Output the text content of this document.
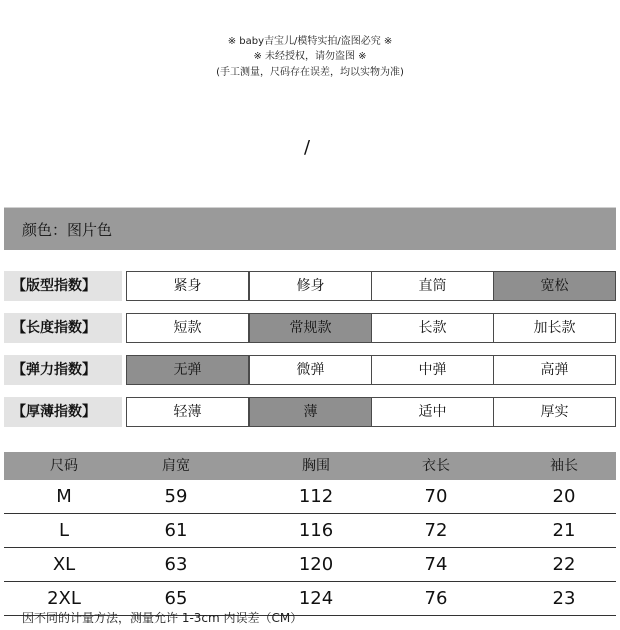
※ baby吉宝儿/模特实拍/盗图必究 ※
※ 未经授权，请勿盗图 ※
(手工测量，尺码存在误差，均以实物为准)
/
颜色：图片色
【版型指数】	紧身	修身	直筒	宽松
【长度指数】	短款	常规款	长款	加长款
【弹力指数】	无弹	微弹	中弹	高弹
【厚薄指数】	轻薄	薄	适中	厚实
尺码	肩宽	胸围	衣长	袖长
M	59	112	70	20
L	61	116	72	21
XL	63	120	74	22
2XL	65	124	76	23
因不同的计量方法，测量允许 1-3cm 内误差（CM）
